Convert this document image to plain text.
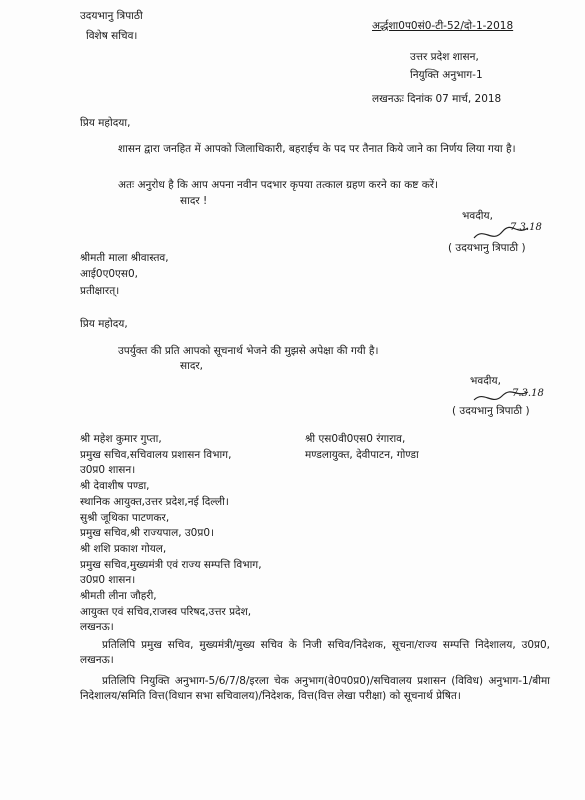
उदयभानु त्रिपाठी
विशेष सचिव।
अर्द्धशा0प0सं0-टी-52/दो-1-2018
उत्तर प्रदेश शासन,
नियुक्ति अनुभाग-1
लखनऊः दिनांक 07 मार्च, 2018
प्रिय महोदया,
शासन द्वारा जनहित में आपको जिलाधिकारी, बहराईच के पद पर तैनात किये जाने का निर्णय लिया गया है।
अतः अनुरोध है कि आप अपना नवीन पदभार कृपया तत्काल ग्रहण करने का कष्ट करें।
सादर !
भवदीय,
7.3.18
( उदयभानु त्रिपाठी )
श्रीमती माला श्रीवास्तव,
आई0ए0एस0,
प्रतीक्षारत्।
प्रिय महोदय,
उपर्युक्त की प्रति आपको सूचनार्थ भेजने की मुझसे अपेक्षा की गयी है।
सादर,
भवदीय,
7.3.18
( उदयभानु त्रिपाठी )
श्री महेश कुमार गुप्ता,
प्रमुख सचिव,सचिवालय प्रशासन विभाग,
उ0प्र0 शासन।
श्री देवाशीष पण्डा,
स्थानिक आयुक्त,उत्तर प्रदेश,नई दिल्ली।
सुश्री जूथिका पाटणकर,
प्रमुख सचिव,श्री राज्यपाल, उ0प्र0।
श्री शशि प्रकाश गोयल,
प्रमुख सचिव,मुख्यमंत्री एवं राज्य सम्पत्ति विभाग,
उ0प्र0 शासन।
श्रीमती लीना जौहरी,
आयुक्त एवं सचिव,राजस्व परिषद,उत्तर प्रदेश,
लखनऊ।
श्री एस0वी0एस0 रंगाराव,
मण्डलायुक्त, देवीपाटन, गोण्डा
प्रतिलिपि प्रमुख सचिव, मुख्यमंत्री/मुख्य सचिव के निजी सचिव/निदेशक, सूचना/राज्य सम्पत्ति निदेशालय, उ0प्र0, लखनऊ।
प्रतिलिपि नियुक्ति अनुभाग-5/6/7/8/इरला चेक अनुभाग(वे0प0प्र0)/सचिवालय प्रशासन (विविध) अनुभाग-1/बीमा निदेशालय/समिति वित्त(विधान सभा सचिवालय)/निदेशक, वित्त(वित्त लेखा परीक्षा) को सूचनार्थ प्रेषित।
